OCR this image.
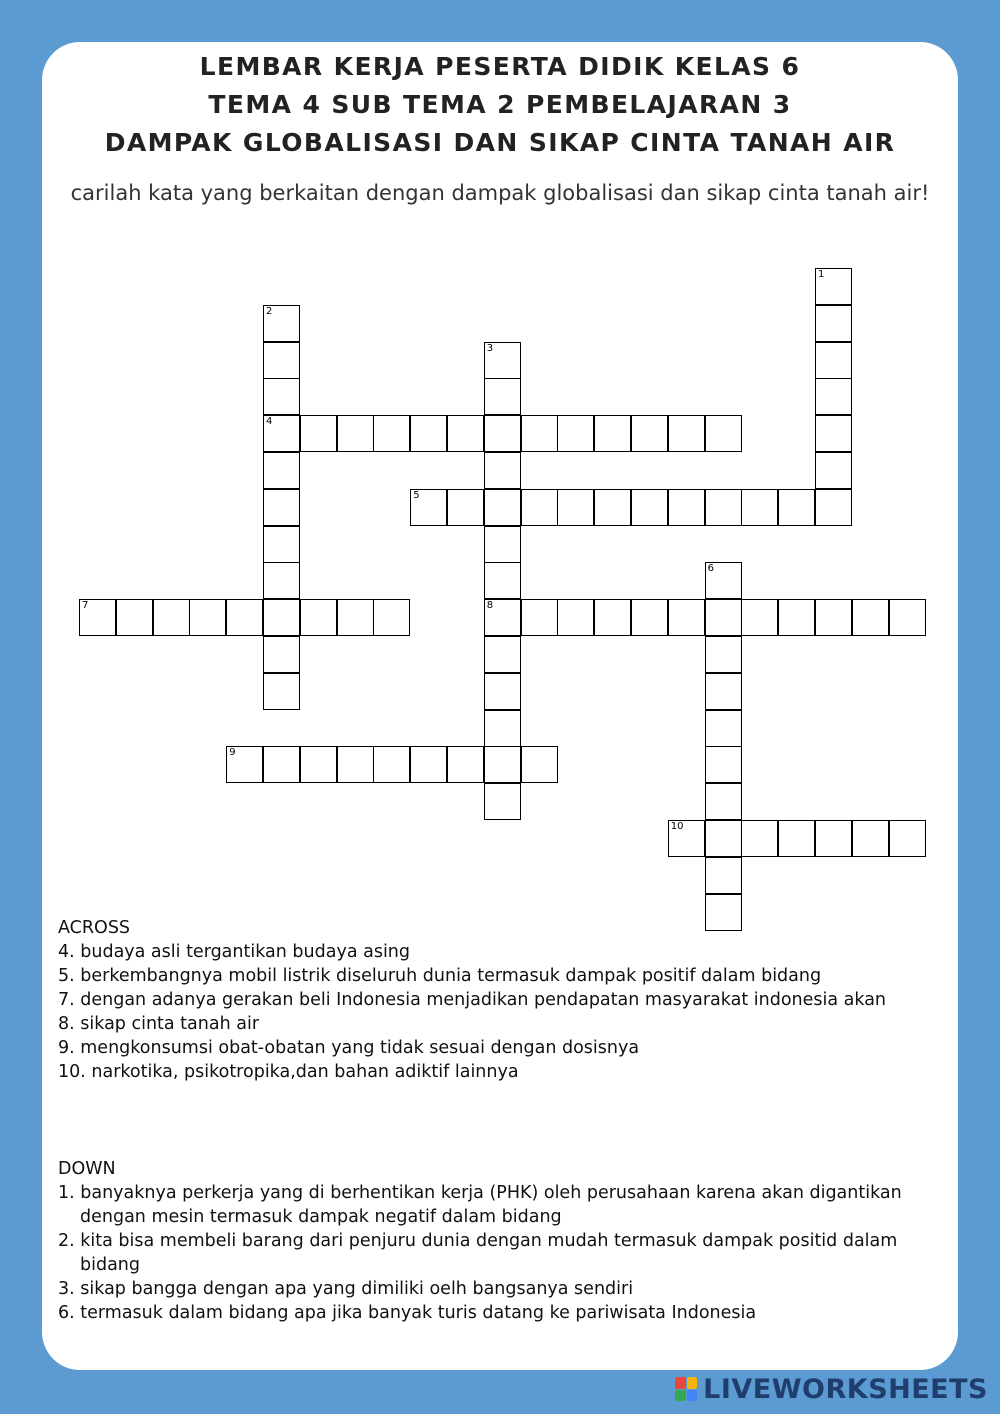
LEMBAR KERJA PESERTA DIDIK KELAS 6
TEMA 4 SUB TEMA 2 PEMBELAJARAN 3
DAMPAK GLOBALISASI DAN SIKAP CINTA TANAH AIR
carilah kata yang berkaitan dengan dampak globalisasi dan sikap cinta tanah air!
1
2
3
4
5
6
7	8
9
10

ACROSS

4. budaya asli tergantikan budaya asing

5. berkembangnya mobil listrik diseluruh dunia termasuk dampak positif dalam bidang

7. dengan adanya gerakan beli Indonesia menjadikan pendapatan masyarakat indonesia akan

8. sikap cinta tanah air

9. mengkonsumsi obat-obatan yang tidak sesuai dengan dosisnya

10. narkotika, psikotropika,dan bahan adiktif lainnya

DOWN

1. banyaknya perkerja yang di berhentikan kerja (PHK) oleh perusahaan karena akan digantikan dengan mesin termasuk dampak negatif dalam bidang

2. kita bisa membeli barang dari penjuru dunia dengan mudah termasuk dampak positid dalam bidang

3. sikap bangga dengan apa yang dimiliki oelh bangsanya sendiri

6. termasuk dalam bidang apa jika banyak turis datang ke pariwisata Indonesia

LIVEWORKSHEETS
